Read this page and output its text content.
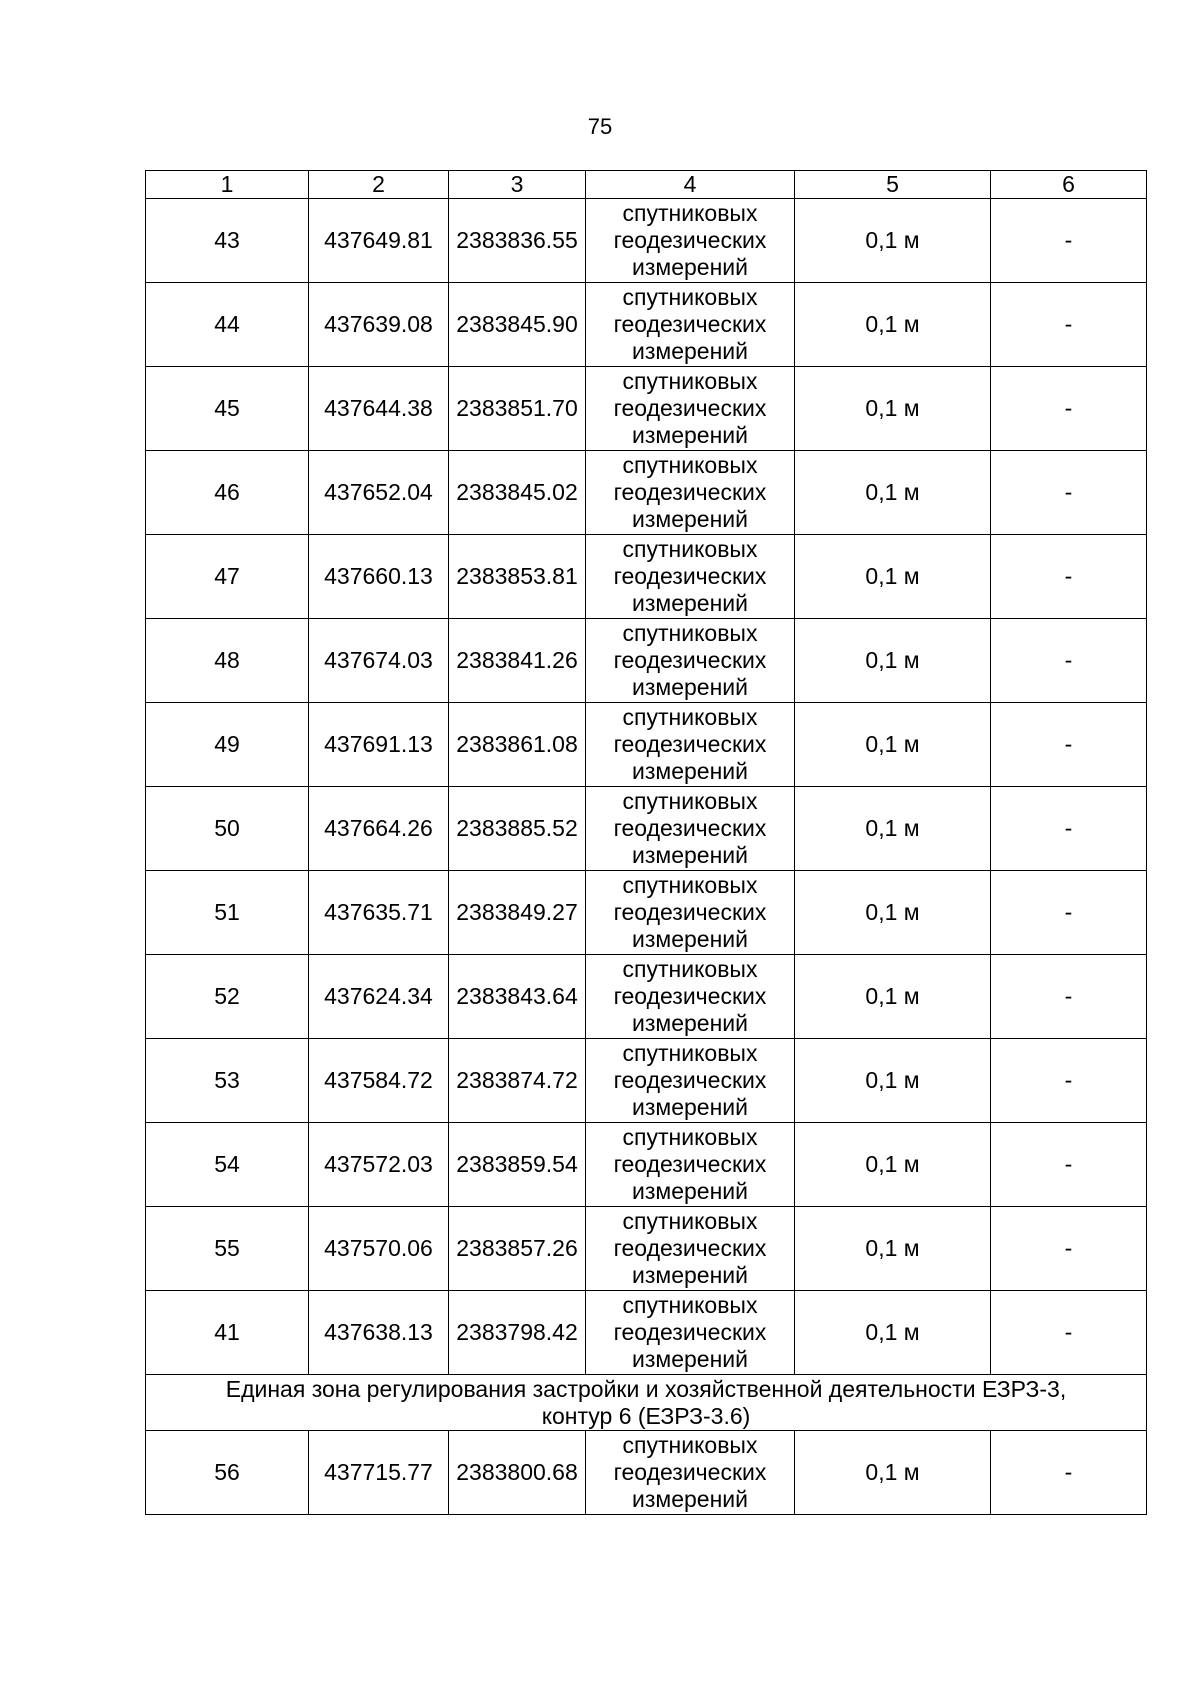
75
1	2	3	4	5	6
43	437649.81	2383836.55	спутниковых
геодезических
измерений	0,1 м	-
44	437639.08	2383845.90	спутниковых
геодезических
измерений	0,1 м	-
45	437644.38	2383851.70	спутниковых
геодезических
измерений	0,1 м	-
46	437652.04	2383845.02	спутниковых
геодезических
измерений	0,1 м	-
47	437660.13	2383853.81	спутниковых
геодезических
измерений	0,1 м	-
48	437674.03	2383841.26	спутниковых
геодезических
измерений	0,1 м	-
49	437691.13	2383861.08	спутниковых
геодезических
измерений	0,1 м	-
50	437664.26	2383885.52	спутниковых
геодезических
измерений	0,1 м	-
51	437635.71	2383849.27	спутниковых
геодезических
измерений	0,1 м	-
52	437624.34	2383843.64	спутниковых
геодезических
измерений	0,1 м	-
53	437584.72	2383874.72	спутниковых
геодезических
измерений	0,1 м	-
54	437572.03	2383859.54	спутниковых
геодезических
измерений	0,1 м	-
55	437570.06	2383857.26	спутниковых
геодезических
измерений	0,1 м	-
41	437638.13	2383798.42	спутниковых
геодезических
измерений	0,1 м	-

Единая зона регулирования застройки и хозяйственной деятельности ЕЗРЗ-3,
контур 6 (ЕЗРЗ-3.6)					

56	437715.77	2383800.68	спутниковых
геодезических
измерений	0,1 м	-
